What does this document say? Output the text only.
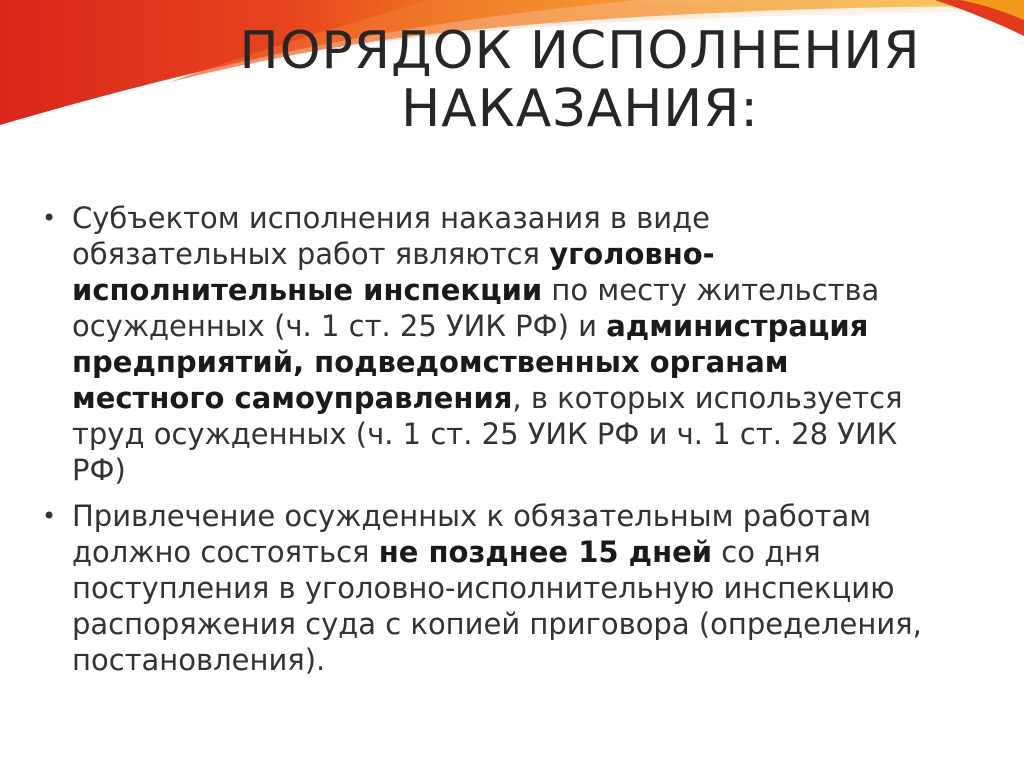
ПОРЯДОК ИСПОЛНЕНИЯ
НАКАЗАНИЯ:
• Субъектом исполнения наказания в виде обязательных работ являются уголовно-исполнительные инспекции по месту жительства осужденных (ч. 1 ст. 25 УИК РФ) и администрация предприятий, подведомственных органам местного самоуправления, в которых используется труд осужденных (ч. 1 ст. 25 УИК РФ и ч. 1 ст. 28 УИК РФ)
• Привлечение осужденных к обязательным работам должно состояться не позднее 15 дней со дня поступления в уголовно-исполнительную инспекцию распоряжения суда с копией приговора (определения, постановления).
